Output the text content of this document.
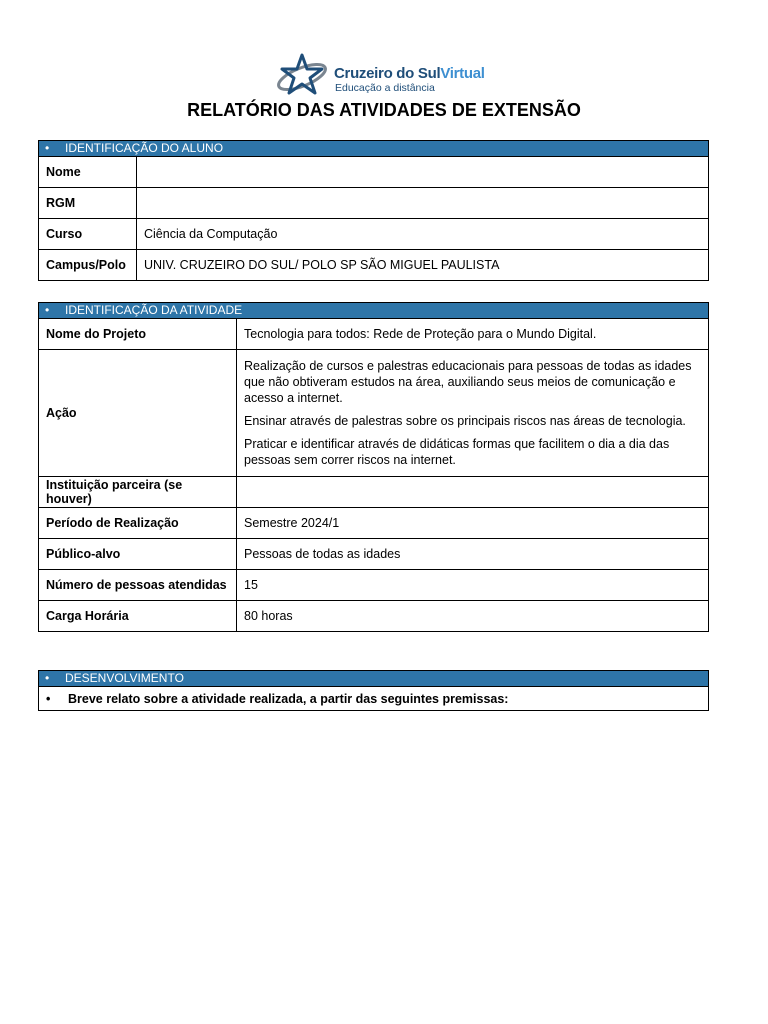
Cruzeiro do SulVirtual
Educação a distância
RELATÓRIO DAS ATIVIDADES DE EXTENSÃO
• IDENTIFICAÇÃO DO ALUNO	
Nome	
RGM	
Curso	Ciência da Computação
Campus/Polo	UNIV. CRUZEIRO DO SUL/ POLO SP SÃO MIGUEL PAULISTA
• IDENTIFICAÇÃO DA ATIVIDADE	
Nome do Projeto	Tecnologia para todos: Rede de Proteção para o Mundo Digital.
Ação	Realização de cursos e palestras educacionais para pessoas de todas as idades que não obtiveram estudos na área, auxiliando seus meios de comunicação e acesso a internet.

Ensinar através de palestras sobre os principais riscos nas áreas de tecnologia.

Praticar e identificar através de didáticas formas que facilitem o dia a dia das pessoas sem correr riscos na internet.

Instituição parceira (se houver)	
Período de Realização	Semestre 2024/1
Público-alvo	Pessoas de todas as idades
Número de pessoas atendidas	15
Carga Horária	80 horas
• DESENVOLVIMENTO
• Breve relato sobre a atividade realizada, a partir das seguintes premissas:
